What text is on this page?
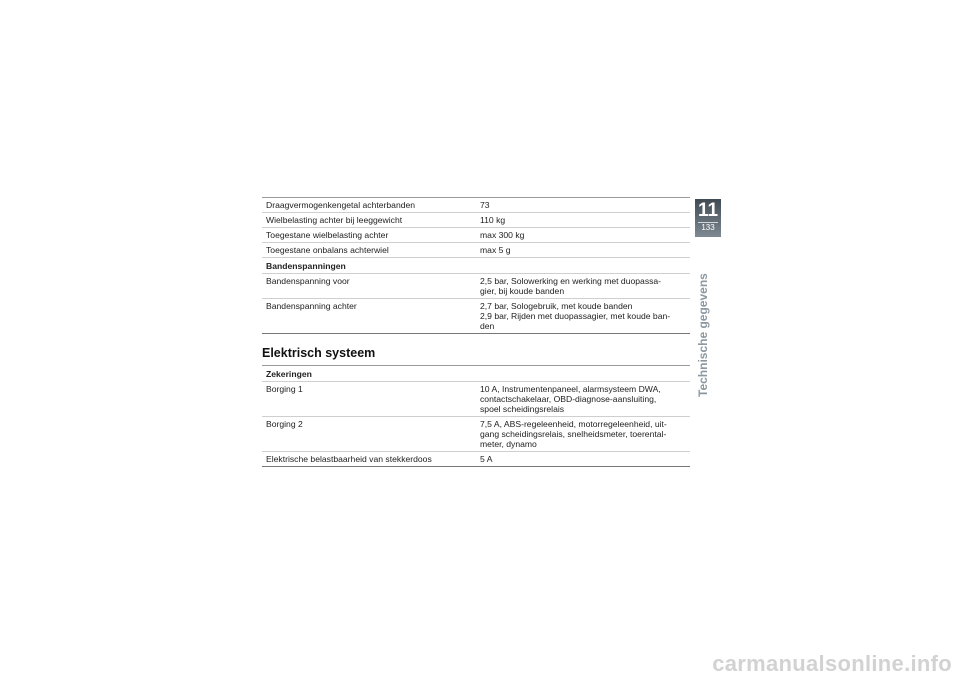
Draagvermogenkengetal achterbanden	73
Wielbelasting achter bij leeggewicht	110 kg
Toegestane wielbelasting achter	max 300 kg
Toegestane onbalans achterwiel	max 5 g
Bandenspanningen	
Bandenspanning voor	2,5 bar, Solowerking en werking met duopassa-
gier, bij koude banden
Bandenspanning achter	2,7 bar, Sologebruik, met koude banden
2,9 bar, Rijden met duopassagier, met koude ban-
den
Elektrisch systeem
Zekeringen	
Borging 1	10 A, Instrumentenpaneel, alarmsysteem DWA,
contactschakelaar, OBD-diagnose-aansluiting,
spoel scheidingsrelais
Borging 2	7,5 A, ABS-regeleenheid, motorregeleenheid, uit-
gang scheidingsrelais, snelheidsmeter, toerental-
meter, dynamo
Elektrische belastbaarheid van stekkerdoos	5 A
11
133
Technische gegevens
carmanualsonline.info
